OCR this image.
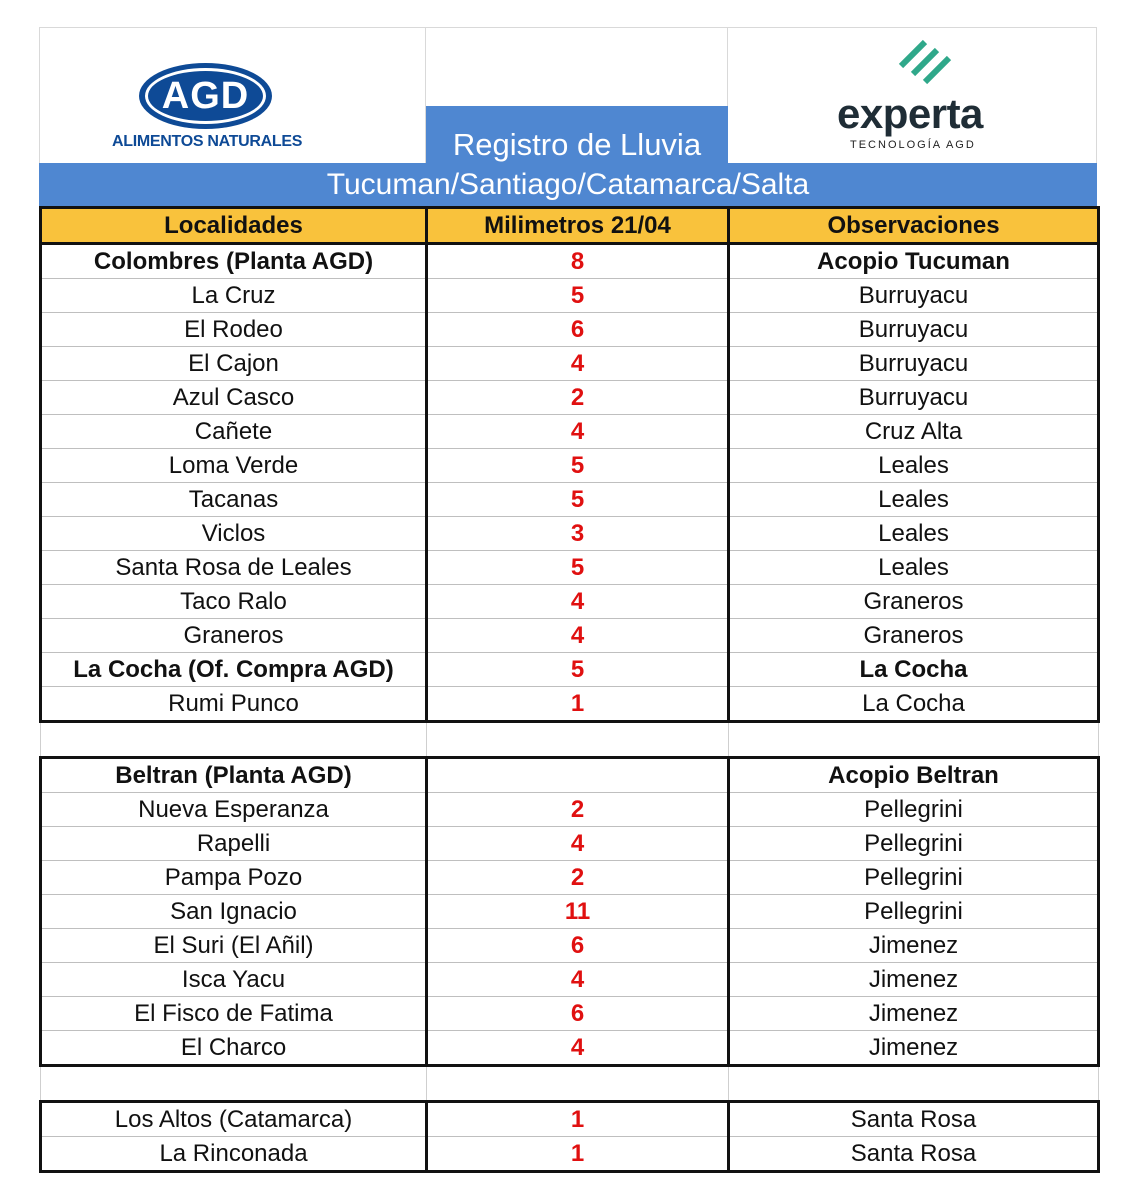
AGD
ALIMENTOS NATURALES	Registro de Lluvia
experta
TECNOLOGÍA AGD
Tucuman/Santiago/Catamarca/Salta
Localidades	Milimetros 21/04	Observaciones
Colombres (Planta AGD)	8	Acopio Tucuman
La Cruz	5	Burruyacu
El Rodeo	6	Burruyacu
El Cajon	4	Burruyacu
Azul Casco	2	Burruyacu
Cañete	4	Cruz Alta
Loma Verde	5	Leales
Tacanas	5	Leales
Viclos	3	Leales
Santa Rosa de Leales	5	Leales
Taco Ralo	4	Graneros
Graneros	4	Graneros
La Cocha (Of. Compra AGD)	5	La Cocha
Rumi Punco	1	La Cocha

Beltran (Planta AGD)		Acopio Beltran
Nueva Esperanza	2	Pellegrini
Rapelli	4	Pellegrini
Pampa Pozo	2	Pellegrini
San Ignacio	11	Pellegrini
El Suri (El Añil)	6	Jimenez
Isca Yacu	4	Jimenez
El Fisco de Fatima	6	Jimenez
El Charco	4	Jimenez

Los Altos (Catamarca)	1	Santa Rosa
La Rinconada	1	Santa Rosa
